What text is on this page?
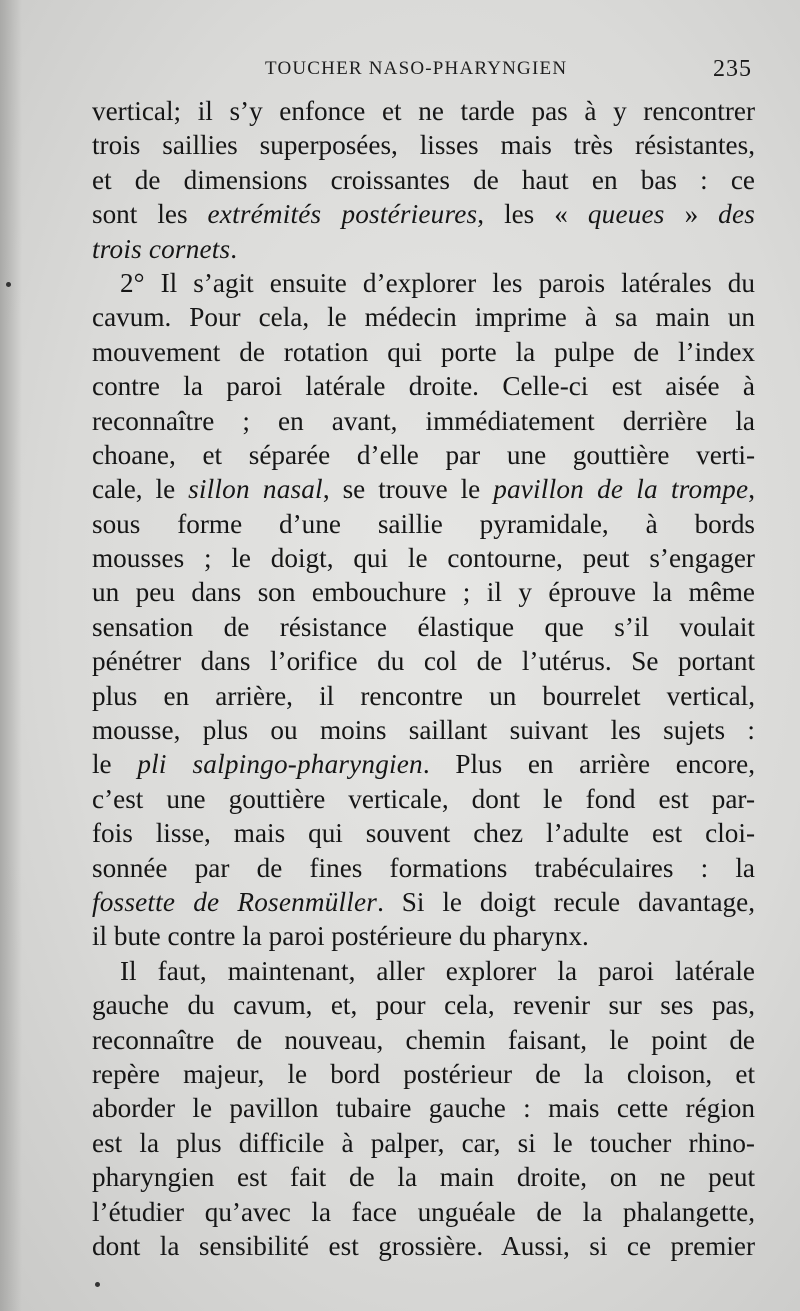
TOUCHER NASO-PHARYNGIEN	235
vertical; il s’y enfonce et ne tarde pas à y rencontrer
trois saillies superposées, lisses mais très résistantes,
et de dimensions croissantes de haut en bas : ce
sont les extrémités postérieures, les « queues » des
trois cornets.
2° Il s’agit ensuite d’explorer les parois latérales du
cavum. Pour cela, le médecin imprime à sa main un
mouvement de rotation qui porte la pulpe de l’index
contre la paroi latérale droite. Celle-ci est aisée à
reconnaître ; en avant, immédiatement derrière la
choane, et séparée d’elle par une gouttière verti-
cale, le sillon nasal, se trouve le pavillon de la trompe,
sous forme d’une saillie pyramidale, à bords
mousses ; le doigt, qui le contourne, peut s’engager
un peu dans son embouchure ; il y éprouve la même
sensation de résistance élastique que s’il voulait
pénétrer dans l’orifice du col de l’utérus. Se portant
plus en arrière, il rencontre un bourrelet vertical,
mousse, plus ou moins saillant suivant les sujets :
le pli salpingo-pharyngien. Plus en arrière encore,
c’est une gouttière verticale, dont le fond est par-
fois lisse, mais qui souvent chez l’adulte est cloi-
sonnée par de fines formations trabéculaires : la
fossette de Rosenmüller. Si le doigt recule davantage,
il bute contre la paroi postérieure du pharynx.
Il faut, maintenant, aller explorer la paroi latérale
gauche du cavum, et, pour cela, revenir sur ses pas,
reconnaître de nouveau, chemin faisant, le point de
repère majeur, le bord postérieur de la cloison, et
aborder le pavillon tubaire gauche : mais cette région
est la plus difficile à palper, car, si le toucher rhino-
pharyngien est fait de la main droite, on ne peut
l’étudier qu’avec la face unguéale de la phalangette,
dont la sensibilité est grossière. Aussi, si ce premier
